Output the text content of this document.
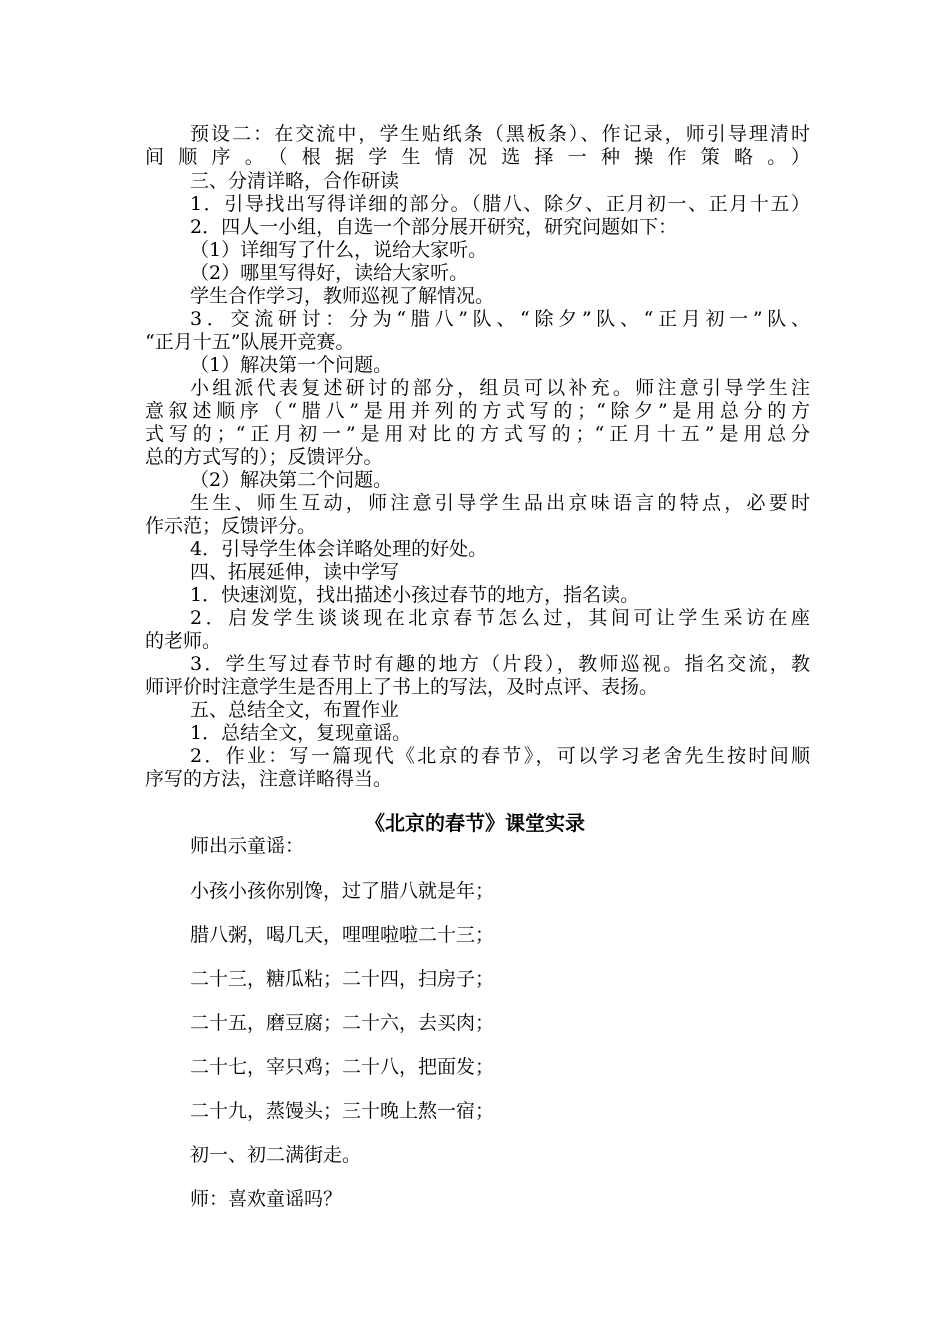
预设二：在交流中，学生贴纸条（黑板条）、作记录，师引导理清时
间顺序。（根据学生情况选择一种操作策略。）
三、分清详略，合作研读
1．引导找出写得详细的部分。（腊八、除夕、正月初一、正月十五）
2．四人一小组，自选一个部分展开研究，研究问题如下：
（1）详细写了什么，说给大家听。
（2）哪里写得好，读给大家听。
学生合作学习，教师巡视了解情况。
3．交流研讨：分为“腊八”队、“除夕”队、“正月初一”队、
“正月十五”队展开竞赛。
（1）解决第一个问题。
小组派代表复述研讨的部分，组员可以补充。师注意引导学生注
意叙述顺序（“腊八”是用并列的方式写的；“除夕”是用总分的方
式写的；“正月初一”是用对比的方式写的；“正月十五”是用总分
总的方式写的）；反馈评分。
（2）解决第二个问题。
生生、师生互动，师注意引导学生品出京味语言的特点，必要时
作示范；反馈评分。
4．引导学生体会详略处理的好处。
四、拓展延伸，读中学写
1．快速浏览，找出描述小孩过春节的地方，指名读。
2．启发学生谈谈现在北京春节怎么过，其间可让学生采访在座
的老师。
3．学生写过春节时有趣的地方（片段），教师巡视。指名交流，教
师评价时注意学生是否用上了书上的写法，及时点评、表扬。
五、总结全文，布置作业
1．总结全文，复现童谣。
2．作业：写一篇现代《北京的春节》，可以学习老舍先生按时间顺
序写的方法，注意详略得当。
《北京的春节》课堂实录
师出示童谣：
小孩小孩你别馋，过了腊八就是年；
腊八粥，喝几天，哩哩啦啦二十三；
二十三，糖瓜粘；二十四，扫房子；
二十五，磨豆腐；二十六，去买肉；
二十七，宰只鸡；二十八，把面发；
二十九，蒸馒头；三十晚上熬一宿；
初一、初二满街走。
师：喜欢童谣吗？
